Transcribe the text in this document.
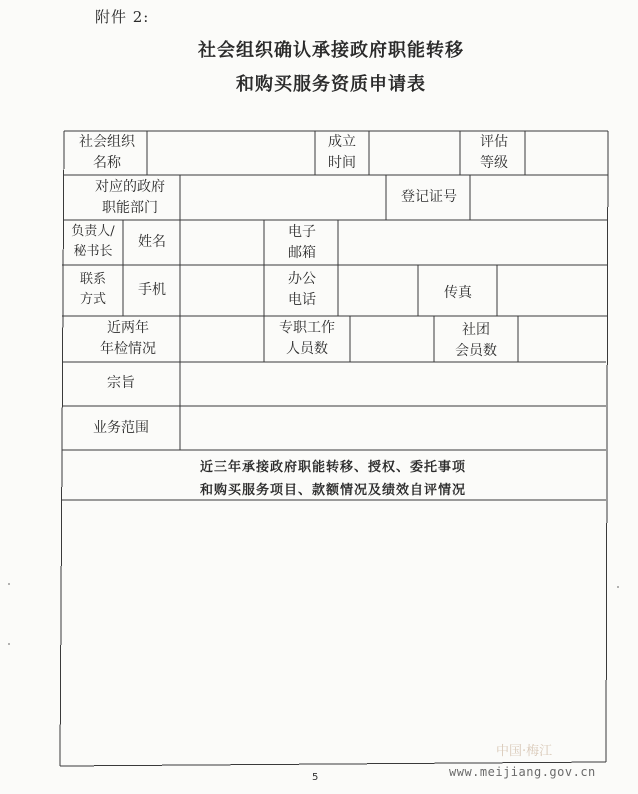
附件 2:
社会组织确认承接政府职能转移
和购买服务资质申请表
社会组织
名称
成立
时间
评估
等级
对应的政府
职能部门
登记证号
负责人/
秘书长
姓名
电子
邮箱
联系
方式
手机
办公
电话	传真
近两年
年检情况
专职工作
人员数
社团
会员数
宗旨
业务范围
近三年承接政府职能转移、授权、委托事项
和购买服务项目、款额情况及绩效自评情况
5
中国·梅江
www.meijiang.gov.cn
